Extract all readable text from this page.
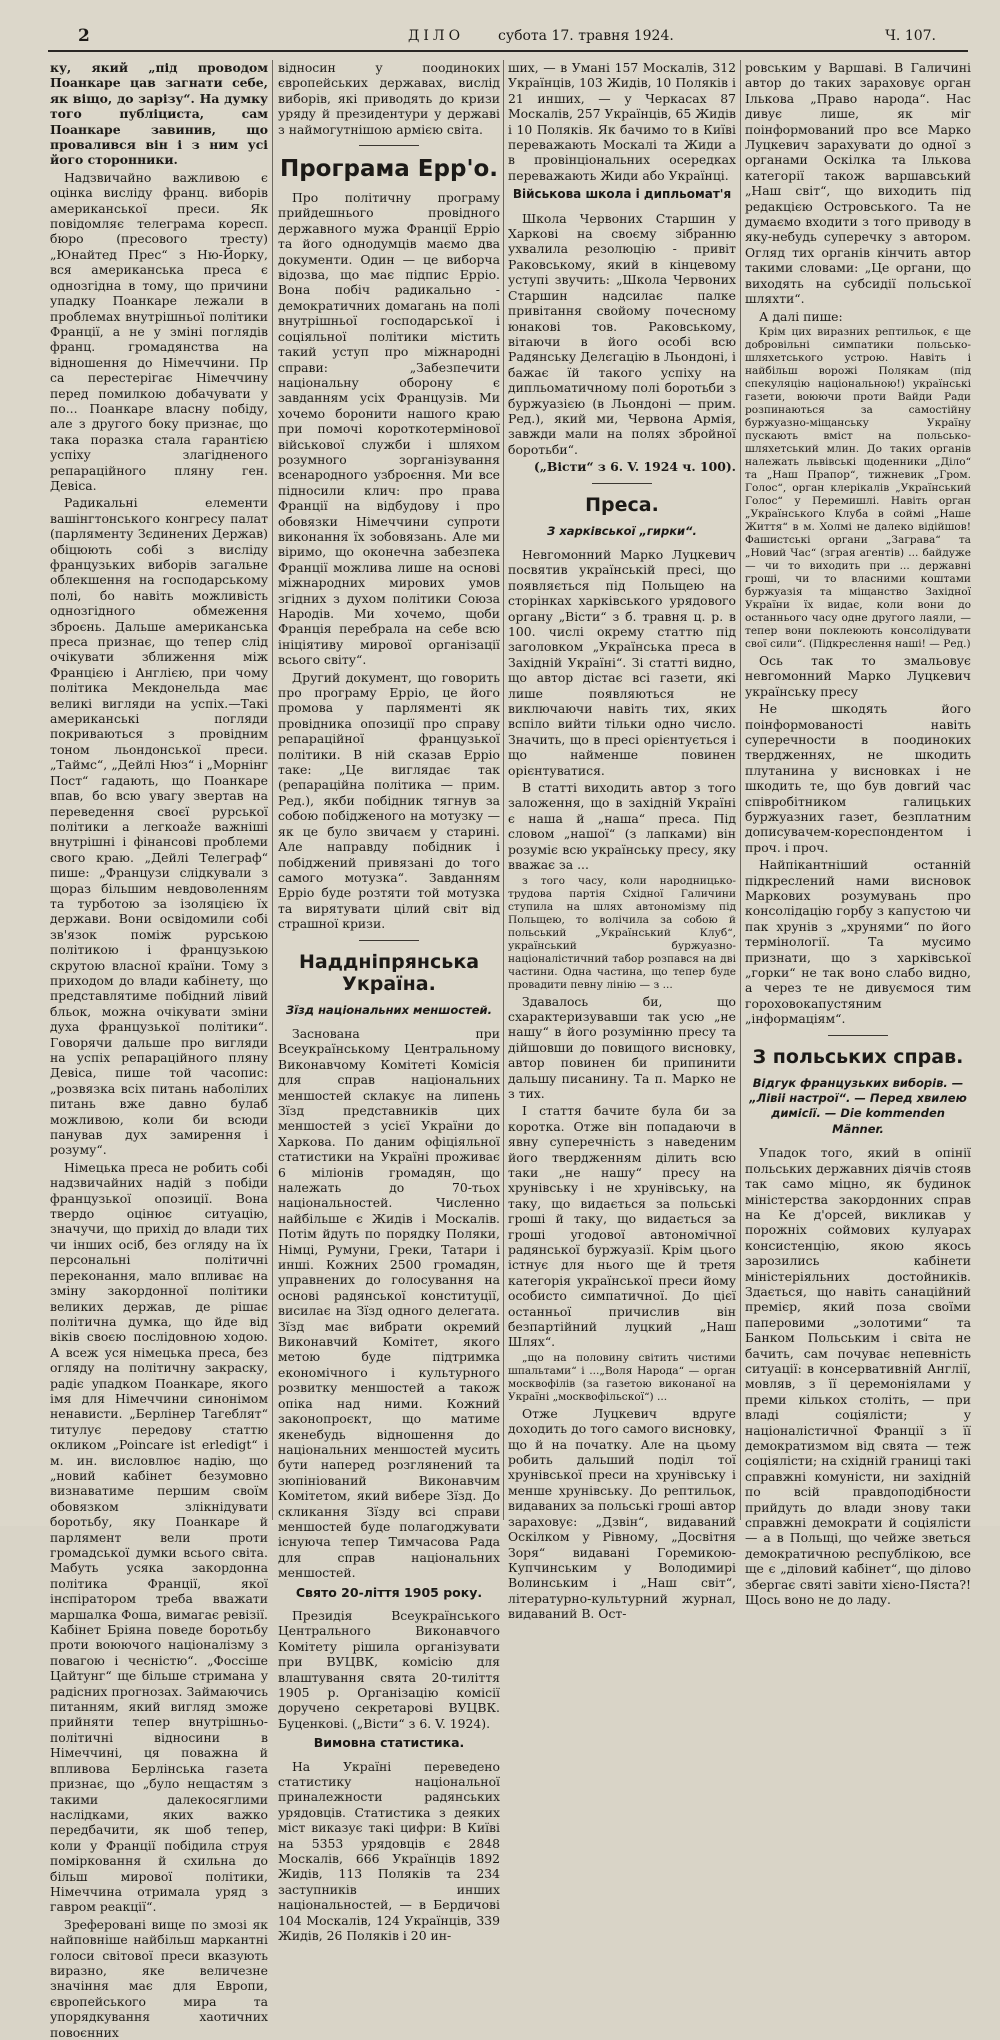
2	ДІЛО субота 17. травня 1924.	Ч. 107.

ку, який „під проводом Поанкаре цав загнати себе, як віщо, до зарізу“. На думку того публіциста, сам Поанкаре завинив, що провалився він і з ним усі його сторонники.

Надзвичайно важливою є оцінка висліду франц. виборів американської преси. Як повідомляє телеграма коресп. бюро (пресового тресту) „Юнайтед Прес“ з Ню-Йорку, вся американська преса є однозгідна в тому, що причини упадку Поанкаре лежали в проблемах внутрішньої політики Франції, а не у зміні поглядів франц. громадянства на відношення до Німеччини. Пр са перестерігає Німеччину перед помилкою добачувати у по... Поанкаре власну побіду, але з другого боку признає, що така поразка стала гарантією успіху злагідненого репараційного пляну ген. Девіса.

Радикальні елементи вашінгтонського конгресу палат (парляменту Зєдинених Держав) обіцюють собі з висліду французьких виборів загальне облекшення на господарському полі, бо навіть можливість однозгідного обмеження зброєнь. Дальше американська преса признає, що тепер слід очікувати зближення між Францією і Англією, при чому політика Мекдонельда має великі вигляди на успіх.—Такі американські погляди покриваються з провідним тоном льондонської преси. „Таймс“, „Дейлі Нюз“ і „Морнінг Пост“ гадають, що Поанкаре впав, бо всю увагу звертав на переведення своєї рурської політики а легкоažе важніші внутрішні і фінансові проблеми свого краю. „Дейлі Телеграф“ пише: „Французи слідкували з щораз більшим невдоволенням та турботою за ізоляцією їх держави. Вони освідомили собі зв'язок поміж рурською політикою і французькою скрутою власної країни. Тому з приходом до влади кабінету, що представлятиме побідний лівий бльок, можна очікувати зміни духа французької політики“. Говорячи дальше про вигляди на успіх репараційного пляну Девіса, пише той часопис: „розвязка всіх питань наболілих питань вже давно булаб можливою, коли би всюди панував дух замирення і розуму“.

Німецька преса не робить собі надзвичайних надій з побіди французької опозиції. Вона твердо оцінює ситуацію, значучи, що прихід до влади тих чи інших осіб, без огляду на їх персональні політичні переконання, мало впливає на зміну закордонної політики великих держав, де рішає політична думка, що йде від віків своєю послідовною ходою. А всеж уся німецька преса, без огляду на політичну закраску, радіє упадком Поанкаре, якого імя для Німеччини синонімом ненависти. „Берлінер Тагеблят“ титулує передову статтю окликом „Poincare ist erledigt“ і м. ин. висловлює надію, що „новий кабінет безумовно визнаватиме першим своїм обовязком злікнідувати боротьбу, яку Поанкаре й парлямент вели проти громадської думки всього світа. Мабуть усяка закордонна політика Франції, якої інспіратором треба вважати маршалка Фоша, вимагає ревізії. Кабінет Бріяна поведе боротьбу проти воюючого націоналізму з повагою і чесністю“. „Фоссіше Цайтунг“ ще більше стримана у радісних прогнозах. Займаючись питанням, який вигляд зможе прийняти тепер внутрішньо-політичні відносини в Німеччині, ця поважна й впливова Берлінська газета признає, що „було нещастям з такими далекосяглими наслідками, яких важко передбачити, як шоб тепер, коли у Франції побідила струя помірковання й схильна до більш мирової політики, Німеччина отримала уряд з гавром реакції“.

Зреферовані вище по змозі як найповніше найбільш маркантні голоси світової преси вказують виразно, яке величезне значіння має для Европи, європейського мира та упорядкування хаотичних повоєнних

відносин у поодиноких європейських державах, вислід виборів, які приводять до кризи уряду й президентури у державі з наймогутнішою армією світа.

Програма Ерр'о.

Про політичну програму прийдешнього провідного державного мужа Франції Ерріо та його однодумців маємо два документи. Один — це виборча відозва, що має підпис Ерріо. Вона побіч радикально - демократичних домагань на полі внутрішньої господарської і соціяльної політики містить такий уступ про міжнародні справи: „Забезпечити національну оборону є завданням усіх Французів. Ми хочемо боронити нашого краю при помочі короткотермінової військової служби і шляхом розумного зорганізування всенародного узброєння. Ми все підносили клич: про права Франції на відбудову і про обовязки Німеччини супроти виконання їх зобовязань. Але ми віримо, що оконечна забезпека Франції можлива лише на основі міжнародних мирових умов згідних з духом політики Союза Народів. Ми хочемо, щоби Франція перебрала на себе всю ініціятиву мирової організації всього світу“.

Другий документ, що говорить про програму Ерріо, це його промова у парляменті як провідника опозиції про справу репараційної французької політики. В ній сказав Ерріо таке: „Це виглядає так (репараційна політика — прим. Ред.), якби побідник тягнув за собою побідженого на мотузку — як це було звичаєм у старині. Але направду побідник і побіджений привязані до того самого мотузка“. Завданням Ерріо буде розтяти той мотузка та вирятувати цілий світ від страшної кризи.

Наддніпрянська Україна.
Зїзд національних меншостей.

Заснована при Всеукраїнському Центральному Виконавчому Комітеті Комісія для справ національних меншостей склакує на липень Зїзд представників цих меншостей з усієї України до Харкова. По даним офіціяльної статистики на Україні проживає 6 міліонів громадян, що належать до 70-тьох національностей. Численно найбільше є Жидів і Москалів. Потім йдуть по порядку Поляки, Німці, Румуни, Греки, Татари і инші. Кожних 2500 громадян, управнених до голосування на основі радянської конституції, висилає на Зїзд одного делегата. Зїзд має вибрати окремий Виконавчий Комітет, якого метою буде підтримка економічного і культурного розвитку меншостей а також опіка над ними. Кожний законопроєкт, що матиме якенебудь відношення до національних меншостей мусить бути наперед розглянений та зюпініований Виконавчим Комітетом, який вибере Зїзд. До скликання Зїзду всі справи меншостей буде полагоджувати існуюча тепер Тимчасова Рада для справ національних меншостей.

Свято 20-ліття 1905 року.

Президія Всеукраїнського Центрального Виконавчого Комітету рішила організувати при ВУЦВК, комісію для влаштування свята 20-тиліття 1905 р. Організацію комісії доручено секретарові ВУЦВК. Буценкові. („Вісти“ з 6. V. 1924).

Вимовна статистика.

На Україні переведено статистику національної приналежности радянських урядовців. Статистика з деяких міст виказує такі цифри: В Київі на 5353 урядовців є 2848 Москалів, 666 Українців 1892 Жидів, 113 Поляків та 234 заступників инших національностей, — в Бердичові 104 Москалів, 124 Українців, 339 Жидів, 26 Поляків і 20 ин-

ших, — в Умані 157 Москалів, 312 Українців, 103 Жидів, 10 Поляків і 21 инших, — у Черкасах 87 Москалів, 257 Українців, 65 Жидів і 10 Поляків. Як бачимо то в Київі переважають Москалі та Жиди а в провінціональних осередках переважають Жиди або Українці.

Військова школа і дипльомат'я

Школа Червоних Старшин у Харкові на своєму зібранню ухвалила резолюцію - привіт Раковському, який в кінцевому уступі звучить: „Школа Червоних Старшин надсилає палке привітання свойому почесному юнакові тов. Раковському, вітаючи в його особі всю Радянську Делєгацію в Льондоні, і бажає їй такого успіху на дипльоматичному полі боротьби з буржуазією (в Льондоні — прим. Ред.), який ми, Червона Армія, завжди мали на полях збройної боротьби“.

(„Вісти“ з 6. V. 1924 ч. 100).

Преса.
З харківської „гирки“.

Невгомонний Марко Луцкевич посвятив українській пресі, що появляється під Польщею на сторінках харківського урядового органу „Вісти“ з б. травня ц. р. в 100. числі окрему статтю під заголовком „Українська преса в Західній Україні“. Зі статті видно, що автор дістає всі газети, які лише появляються не виключаючи навіть тих, яких вспіло вийти тільки одно число. Значить, що в пресі орієнтується і що найменше повинен орієнтуватися.

В статті виходить автор з того заложення, що в західній Україні є наша й „наша“ преса. Під словом „нашої“ (з лапками) він розуміє всю українську пресу, яку вважає за ...

з того часу, коли народницько-трудова партія Східної Галичини ступила на шлях автономізму під Польщею, то волічила за собою й польський „Український Клуб“, український буржуазно-націоналістичний табор розпався на дві частини. Одна частина, що тепер буде провадити певну лінію — з ...

Здавалось би, що схарактеризувавши так усю „не нашу“ в його розумінню пресу та дійшовши до повищого висновку, автор повинен би припинити дальшу писанину. Та п. Марко не з тих.

І стаття бачите була би за коротка. Отже він попадаючи в явну суперечність з наведеним його твердженням ділить всю таки „не нашу“ пресу на хрунівську і не хрунівську, на таку, що видається за польські гроші й таку, що видається за гроші угодової автономічної радянської буржуазії. Крім цього істнує для нього ще й третя категорія української преси йому особисто симпатичної. До цієї останньої причислив він безпартійний луцкий „Наш Шлях“.

„що на половину світить чистими шпальтами“ і ...„Воля Народа“ — орган москвофілів (за газетою виконаної на Україні „москвофільскої“) ...

Отже Луцкевич вдруге доходить до того самого висновку, що й на початку. Але на цьому робить дальший поділ тої хрунівської преси на хрунівську і менше хрунівську. До рептильок, видаваних за польські гроші автор зараховує: „Дзвін“, видаваний Оскілком у Рівному, „Досвітня Зоря“ видавані Горемикою-Купчинським у Володимирі Волинським і „Наш світ“, літературно-культурний журнал, видаваний В. Ост-

ровським у Варшаві. В Галичині автор до таких зараховує орган Ількова „Право народа“. Нас дивує лише, як міг поінформований про все Марко Луцкевич зарахувати до одної з органами Оскілка та Ількова категорії також варшавський „Наш світ“, що виходить під редакцією Островського. Та не думаємо входити з того приводу в яку-небудь суперечку з автором. Огляд тих органів кінчить автор такими словами: „Це органи, що виходять на субсидії польської шляхти“.

А далі пише:

Крім цих виразних рептильок, є ще добровільні симпатики польсько-шляхетського устрою. Навіть і найбільш ворожі Полякам (під спекуляцію національною!) українські газети, воюючи проти Вайди Ради розпинаються за самостійну буржуазно-міщанську Україну пускають вміст на польсько-шляхетський млин. До таких органів належать львівські щоденники „Діло“ та „Наш Прапор“, тижневик „Гром. Голос“, орган клерікалів „Український Голос“ у Перемишлі. Навіть орган „Українського Клуба в соймі „Наше Життя“ в м. Холмі не далеко відійшов! Фашистські органи „Заграва“ та „Новий Час“ (зграя агентів) ... байдуже — чи то виходить при ... державні гроші, чи то власними коштами буржуазія та міщанство Західної України їх видає, коли вони до останнього часу одне другого лаяли, — тепер вони поклеюють консолідувати свої сили“. (Підкреслення наші! — Ред.)

Ось так то змальовує невгомонний Марко Луцкевич українську пресу

Не шкодять його поінформованості навіть суперечности в поодиноких твердженнях, не шкодить плутанина у висновках і не шкодить те, що був довгий час співробітником галицьких буржуазних газет, безплатним дописувачем-кореспондентом і проч. і проч.

Найпікантніший останній підкреслений нами висновок Маркових розумувань про консолідацію горбу з капустою чи пак хрунів з „хрунями“ по його термінології. Та мусимо признати, що з харківської „горки“ не так воно слабо видно, а через те не дивуємося тим гороховокапустяним „інформаціям“.

З польських справ.
Відгук французьких виборів. — „Лівіі настрої“. — Перед хвилею димісії. — Die kommenden Männer.

Упадок того, який в опінії польських державних діячів стояв так само міцно, як будинок міністерства закордонних справ на Ке д'орсей, викликав у порожніх соймових кулуарах консистенцію, якою якось зарозились кабінети міністеріяльних достойників. Здається, що навіть санаційний премієр, який поза своїми паперовими „золотими“ та Банком Польським і світа не бачить, сам почуває непевність ситуації: в консервативній Англії, мовляв, з її церемоніялами у преми кількох століть, — при владі соціялісти; у націоналістичної Франції з її демократизмом від свята — теж соціялісти; на східній границі такі справжні комуністи, ни західній по всій правдоподібности прийдуть до влади знову таки справжні демократи й соціялісти — а в Польщі, що чейже зветься демократичною республікою, все ще є „діловий кабінет“, що ділово збергає святі завіти хієно-Пяста?! Щось воно не до ладу.
